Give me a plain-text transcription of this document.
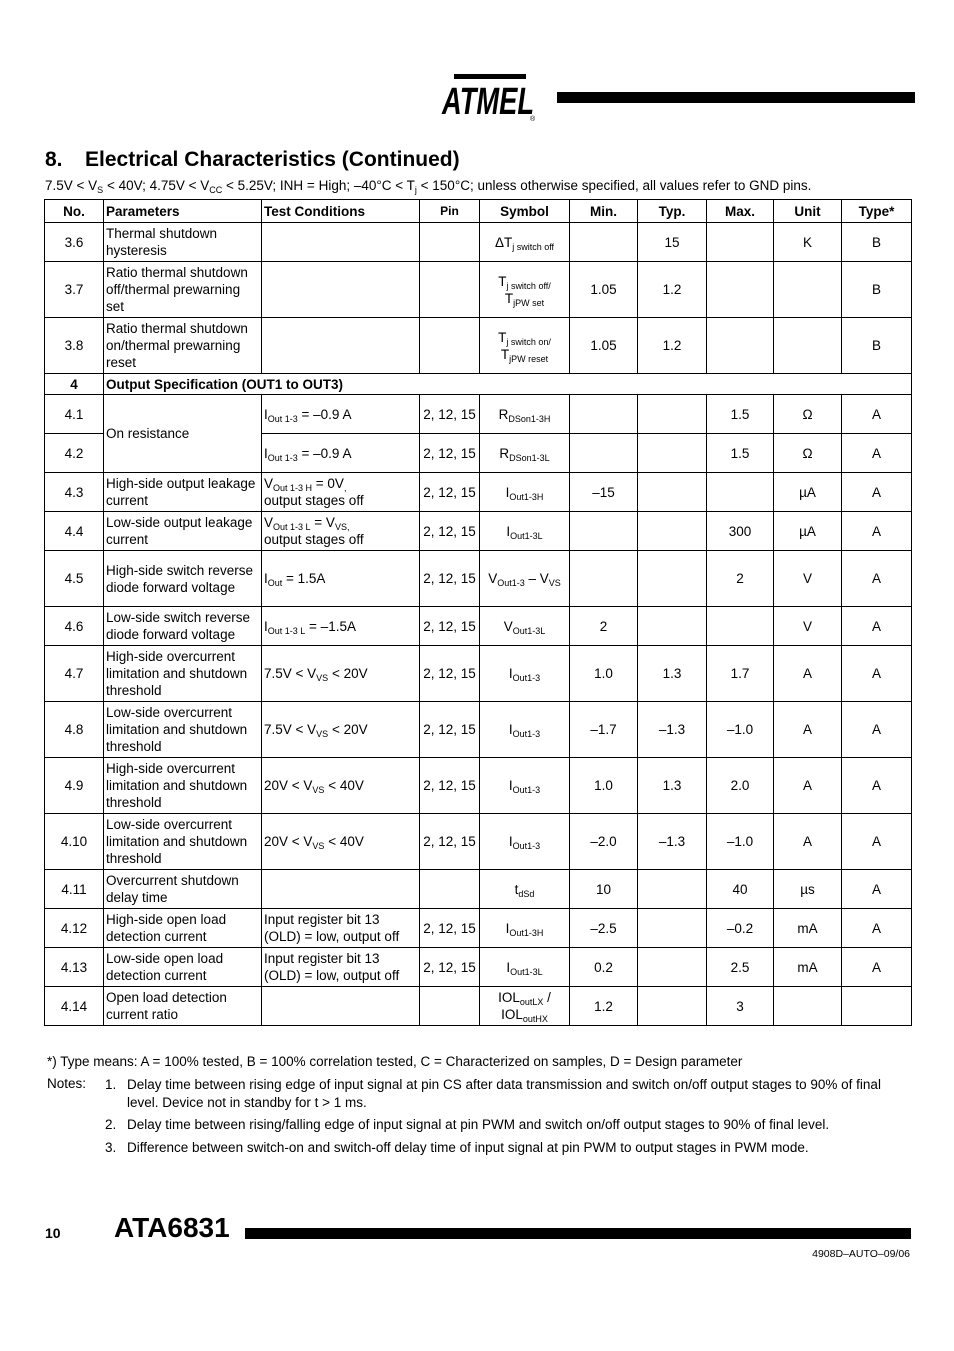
ATMEL
®
8. Electrical Characteristics (Continued)
$7.5V < V_S < 40V$; $4.75V < V_{CC} < 5.25V$; INH = High; $-40^\circ C < T_j < 150^\circ C$; unless otherwise specified, all values refer to GND pins.
No.	Parameters	Test Conditions	Pin	Symbol	Min.	Typ.	Max.	Unit	Type*
3.6	Thermal shutdown hysteresis			$\Delta T_{j switch off}$		15		K	B
3.7	Ratio thermal shutdown off/thermal prewarning set			$T_{j switch off/}$
$T_{jPW set}$	1.05	1.2			B
3.8	Ratio thermal shutdown on/thermal prewarning reset			$T_{j switch on/}$
$T_{jPW reset}$	1.05	1.2			B
4	Output Specification (OUT1 to OUT3)								
4.1	On resistance	$I_{Out 1-3} = -0.9$ A	2, 12, 15	$R_{DSon1-3H}$			1.5	Ω	A
4.2		$I_{Out 1-3} = -0.9$ A	2, 12, 15	$R_{DSon1-3L}$			1.5	Ω	A
4.3	High-side output leakage current	$V_{Out 1-3 H} = 0V_,$
output stages off	2, 12, 15	$I_{Out1-3H}$	–15			µA	A
4.4	Low-side output leakage current	$V_{Out 1-3 L} = V_{VS,}$
output stages off	2, 12, 15	$I_{Out1-3L}$			300	µA	A
4.5	High-side switch reverse diode forward voltage	$I_{Out} = 1.5A$	2, 12, 15	$V_{Out1-3} - V_{VS}$			2	V	A
4.6	Low-side switch reverse diode forward voltage	$I_{Out 1-3 L} = -1.5A$	2, 12, 15	$V_{Out1-3L}$	2			V	A
4.7	High-side overcurrent limitation and shutdown threshold	$7.5V < V_{VS} < 20V$	2, 12, 15	$I_{Out1-3}$	1.0	1.3	1.7	A	A
4.8	Low-side overcurrent limitation and shutdown threshold	$7.5V < V_{VS} < 20V$	2, 12, 15	$I_{Out1-3}$	–1.7	–1.3	–1.0	A	A
4.9	High-side overcurrent limitation and shutdown threshold	$20V < V_{VS} < 40V$	2, 12, 15	$I_{Out1-3}$	1.0	1.3	2.0	A	A
4.10	Low-side overcurrent limitation and shutdown threshold	$20V < V_{VS} < 40V$	2, 12, 15	$I_{Out1-3}$	–2.0	–1.3	–1.0	A	A
4.11	Overcurrent shutdown delay time			$t_{dSd}$	10		40	µs	A
4.12	High-side open load detection current	Input register bit 13 (OLD) = low, output off	2, 12, 15	$I_{Out1-3H}$	–2.5		–0.2	mA	A
4.13	Low-side open load detection current	Input register bit 13 (OLD) = low, output off	2, 12, 15	$I_{Out1-3L}$	0.2		2.5	mA	A
4.14	Open load detection current ratio			$IOL_{outLX}$ /
$IOL_{outHX}$	1.2		3		
*) Type means: A = 100% tested, B = 100% correlation tested, C = Characterized on samples, D = Design parameter
Notes: 1. Delay time between rising edge of input signal at pin CS after data transmission and switch on/off output stages to 90% of final level. Device not in standby for t > 1 ms.
2. Delay time between rising/falling edge of input signal at pin PWM and switch on/off output stages to 90% of final level.
3. Difference between switch-on and switch-off delay time of input signal at pin PWM to output stages in PWM mode.
10 ATA6831
4908D–AUTO–09/06
